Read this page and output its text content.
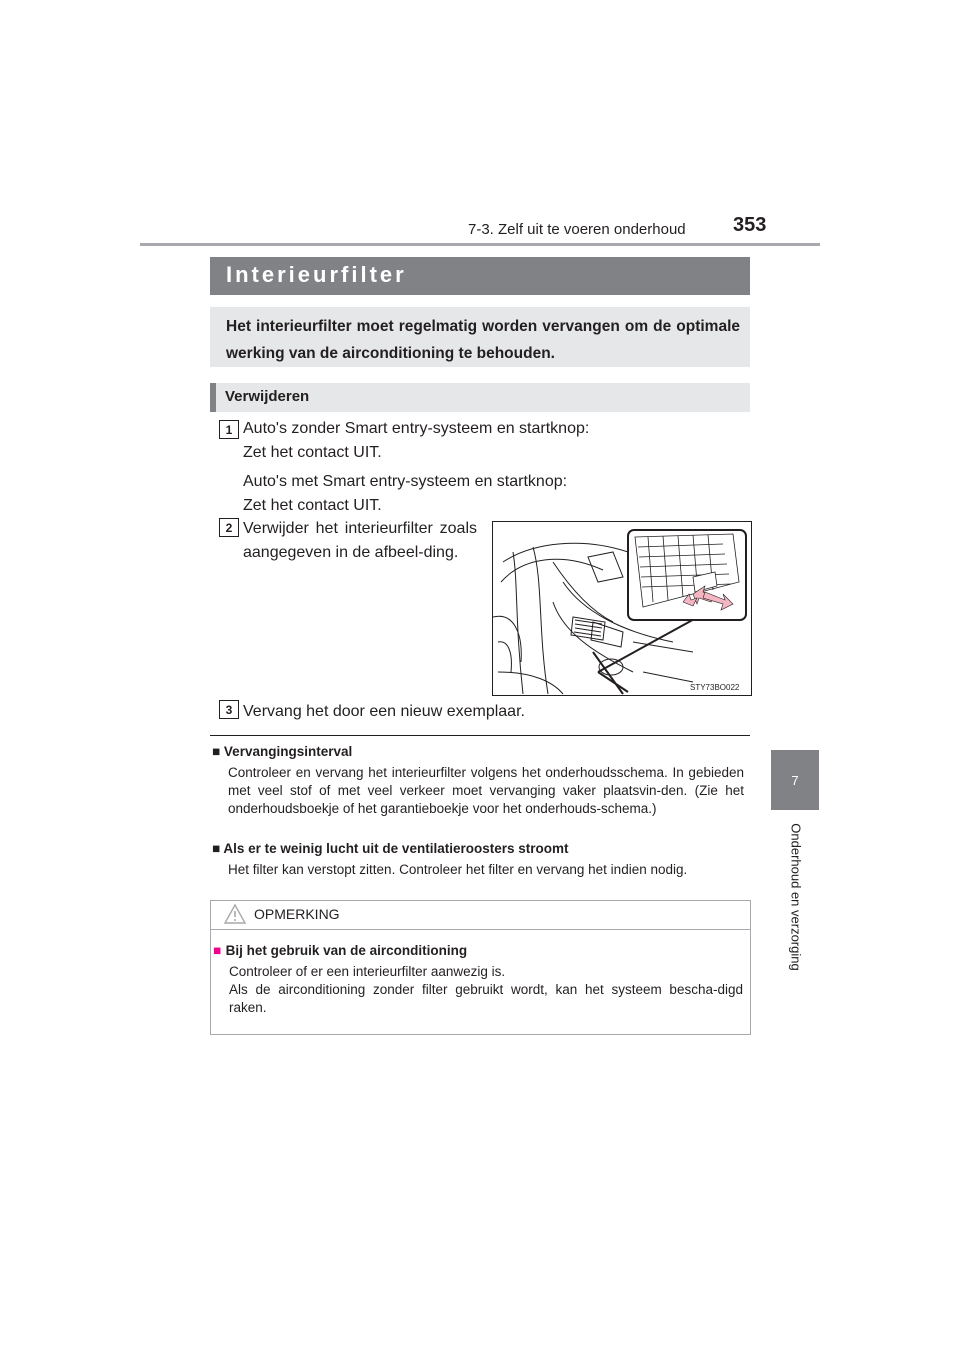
7-3. Zelf uit te voeren onderhoud 353
7
Onderhoud en verzorging
Interieurfilter
Het interieurfilter moet regelmatig worden vervangen om de optimale werking van de airconditioning te behouden.
Verwijderen
1 Auto's zonder Smart entry-systeem en startknop:
Zet het contact UIT.
Auto's met Smart entry-systeem en startknop:
Zet het contact UIT.
2 Verwijder het interieurfilter zoals aangegeven in de afbeel-ding.
STY73BO022
3 Vervang het door een nieuw exemplaar.
■ Vervangingsinterval
Controleer en vervang het interieurfilter volgens het onderhoudsschema. In gebieden met veel stof of met veel verkeer moet vervanging vaker plaatsvin-den. (Zie het onderhoudsboekje of het garantieboekje voor het onderhouds-schema.)
■ Als er te weinig lucht uit de ventilatieroosters stroomt
Het filter kan verstopt zitten. Controleer het filter en vervang het indien nodig.
OPMERKING
■ Bij het gebruik van de airconditioning
Controleer of er een interieurfilter aanwezig is.
Als de airconditioning zonder filter gebruikt wordt, kan het systeem bescha-digd raken.
